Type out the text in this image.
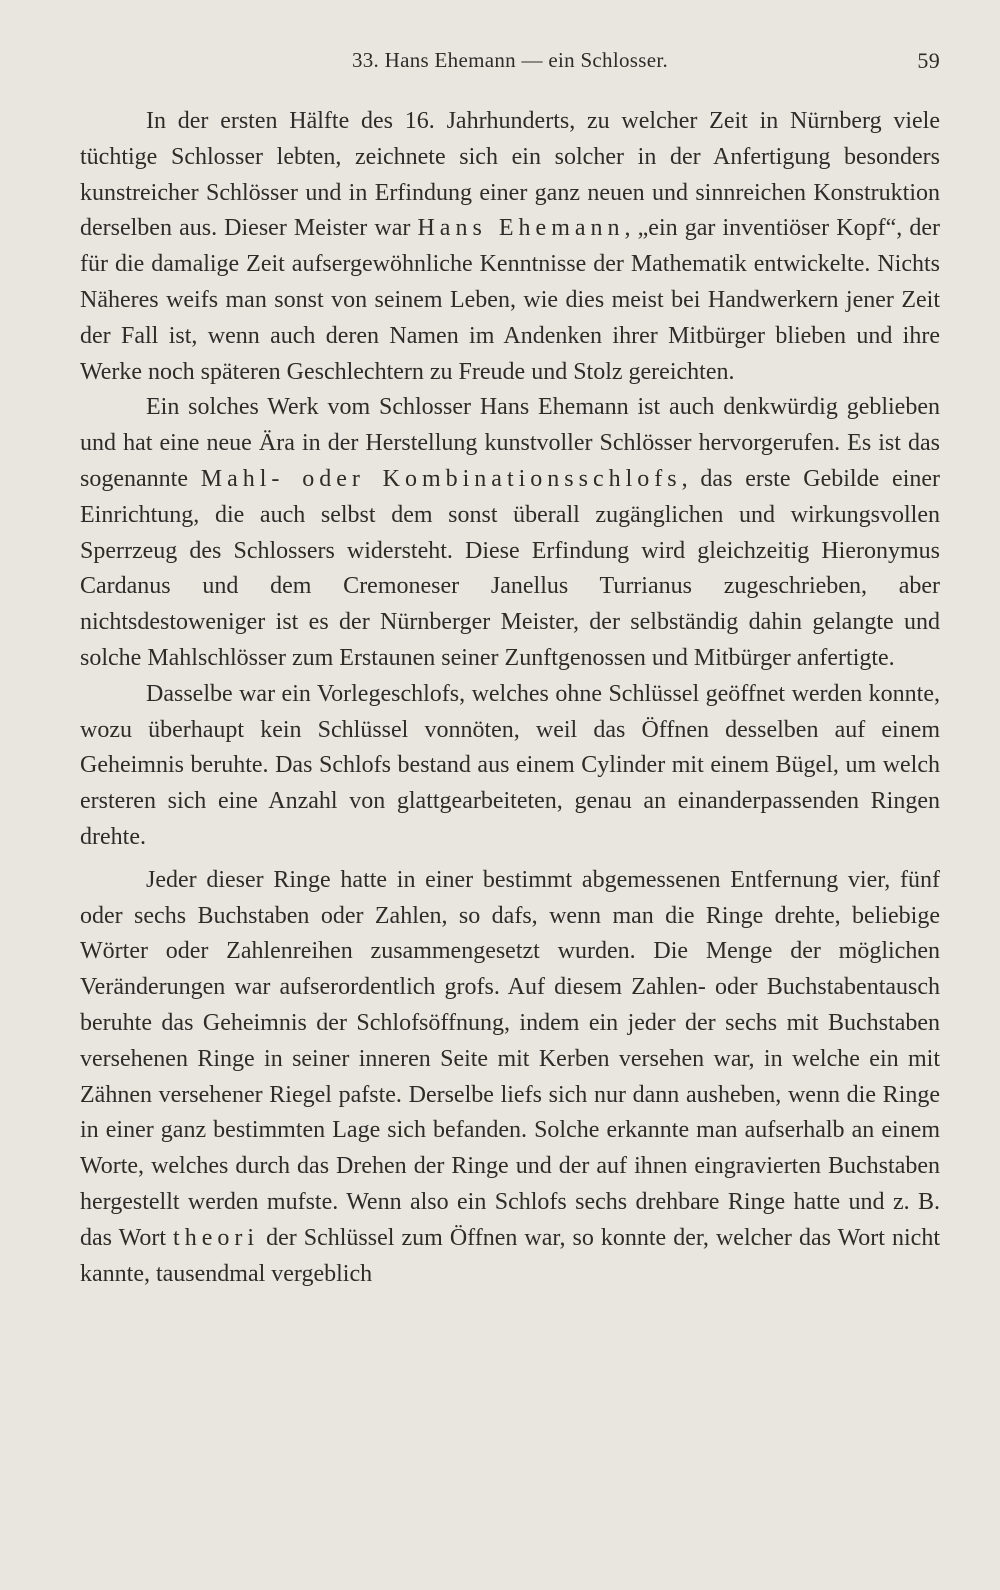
33. Hans Ehemann — ein Schlosser.	59

In der ersten Hälfte des 16. Jahrhunderts, zu welcher Zeit in Nürnberg viele tüchtige Schlosser lebten, zeichnete sich ein solcher in der Anfertigung besonders kunstreicher Schlösser und in Erfindung einer ganz neuen und sinnreichen Konstruktion derselben aus. Dieser Meister war Hans Ehemann, „ein gar inventiöser Kopf“, der für die damalige Zeit aufsergewöhnliche Kenntnisse der Mathematik entwickelte. Nichts Näheres weifs man sonst von seinem Leben, wie dies meist bei Handwerkern jener Zeit der Fall ist, wenn auch deren Namen im Andenken ihrer Mitbürger blieben und ihre Werke noch späteren Geschlechtern zu Freude und Stolz gereichten.

Ein solches Werk vom Schlosser Hans Ehemann ist auch denkwürdig geblieben und hat eine neue Ära in der Herstellung kunstvoller Schlösser hervorgerufen. Es ist das sogenannte Mahl- oder Kombinationsschlofs, das erste Gebilde einer Einrichtung, die auch selbst dem sonst überall zugänglichen und wirkungsvollen Sperrzeug des Schlossers widersteht. Diese Erfindung wird gleichzeitig Hieronymus Cardanus und dem Cremoneser Janellus Turrianus zugeschrieben, aber nichtsdestoweniger ist es der Nürnberger Meister, der selbständig dahin gelangte und solche Mahlschlösser zum Erstaunen seiner Zunftgenossen und Mitbürger anfertigte.

Dasselbe war ein Vorlegeschlofs, welches ohne Schlüssel geöffnet werden konnte, wozu überhaupt kein Schlüssel vonnöten, weil das Öffnen desselben auf einem Geheimnis beruhte. Das Schlofs bestand aus einem Cylinder mit einem Bügel, um welch ersteren sich eine Anzahl von glattgearbeiteten, genau an einanderpassenden Ringen drehte.

Jeder dieser Ringe hatte in einer bestimmt abgemessenen Entfernung vier, fünf oder sechs Buchstaben oder Zahlen, so dafs, wenn man die Ringe drehte, beliebige Wörter oder Zahlenreihen zusammengesetzt wurden. Die Menge der möglichen Veränderungen war aufserordentlich grofs. Auf diesem Zahlen- oder Buchstabentausch beruhte das Geheimnis der Schlofsöffnung, indem ein jeder der sechs mit Buchstaben versehenen Ringe in seiner inneren Seite mit Kerben versehen war, in welche ein mit Zähnen versehener Riegel pafste. Derselbe liefs sich nur dann ausheben, wenn die Ringe in einer ganz bestimmten Lage sich befanden. Solche erkannte man aufserhalb an einem Worte, welches durch das Drehen der Ringe und der auf ihnen eingravierten Buchstaben hergestellt werden mufste. Wenn also ein Schlofs sechs drehbare Ringe hatte und z. B. das Wort theori der Schlüssel zum Öffnen war, so konnte der, welcher das Wort nicht kannte, tausendmal vergeblich
